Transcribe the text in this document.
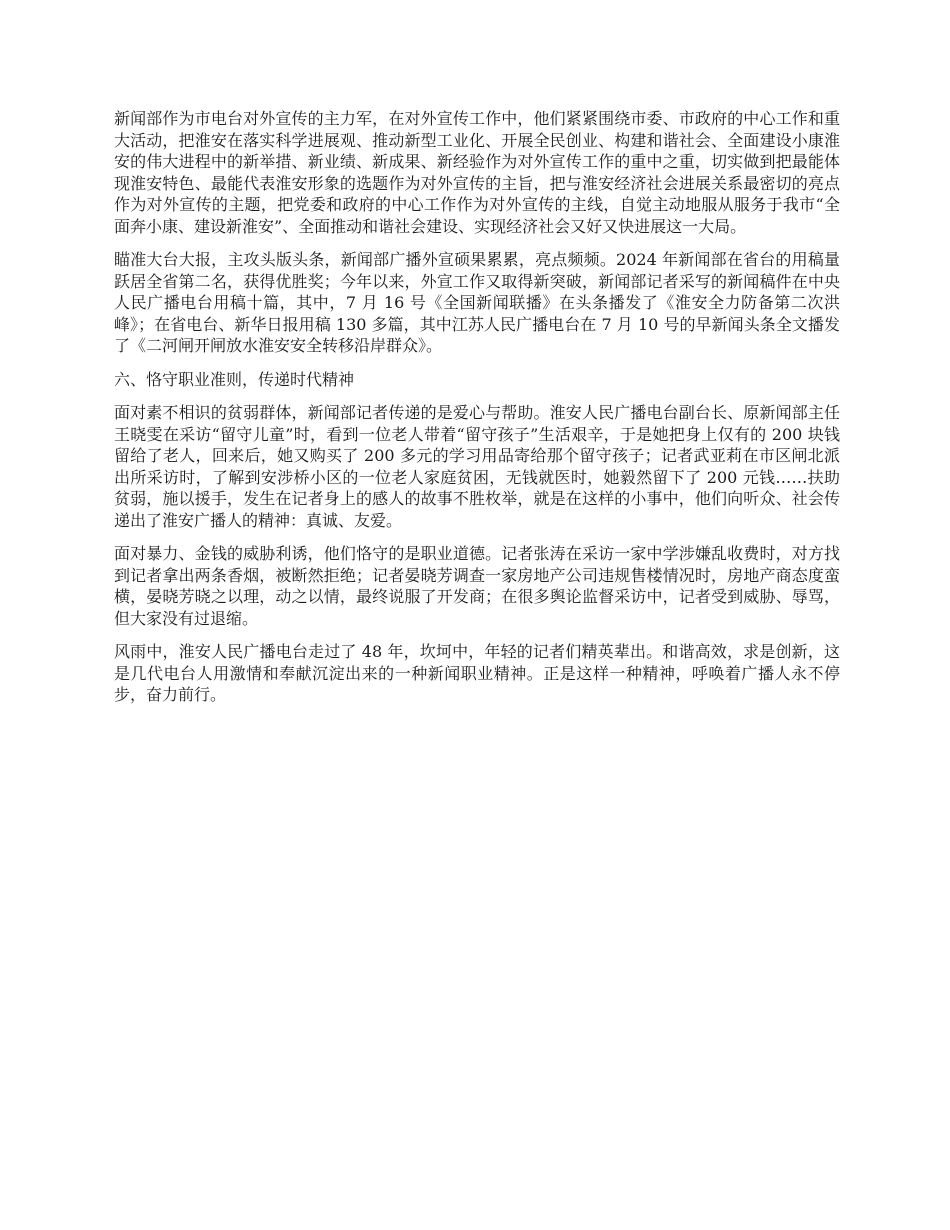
新闻部作为市电台对外宣传的主力军，在对外宣传工作中，他们紧紧围绕市委、市政府的中心工作和重大活动，把淮安在落实科学进展观、推动新型工业化、开展全民创业、构建和谐社会、全面建设小康淮安的伟大进程中的新举措、新业绩、新成果、新经验作为对外宣传工作的重中之重，切实做到把最能体现淮安特色、最能代表淮安形象的选题作为对外宣传的主旨，把与淮安经济社会进展关系最密切的亮点作为对外宣传的主题，把党委和政府的中心工作作为对外宣传的主线，自觉主动地服从服务于我市“全面奔小康、建设新淮安”、全面推动和谐社会建设、实现经济社会又好又快进展这一大局。

瞄准大台大报，主攻头版头条，新闻部广播外宣硕果累累，亮点频频。2024 年新闻部在省台的用稿量跃居全省第二名，获得优胜奖；今年以来，外宣工作又取得新突破，新闻部记者采写的新闻稿件在中央人民广播电台用稿十篇，其中，7 月 16 号《全国新闻联播》在头条播发了《淮安全力防备第二次洪峰》；在省电台、新华日报用稿 130 多篇，其中江苏人民广播电台在 7 月 10 号的早新闻头条全文播发了《二河闸开闸放水淮安安全转移沿岸群众》。

六、恪守职业准则，传递时代精神

面对素不相识的贫弱群体，新闻部记者传递的是爱心与帮助。淮安人民广播电台副台长、原新闻部主任王晓雯在采访“留守儿童”时，看到一位老人带着“留守孩子”生活艰辛，于是她把身上仅有的 200 块钱留给了老人，回来后，她又购买了 200 多元的学习用品寄给那个留守孩子；记者武亚莉在市区闸北派出所采访时，了解到安涉桥小区的一位老人家庭贫困，无钱就医时，她毅然留下了 200 元钱……扶助贫弱，施以援手，发生在记者身上的感人的故事不胜枚举，就是在这样的小事中，他们向听众、社会传递出了淮安广播人的精神：真诚、友爱。

面对暴力、金钱的威胁利诱，他们恪守的是职业道德。记者张涛在采访一家中学涉嫌乱收费时，对方找到记者拿出两条香烟，被断然拒绝；记者晏晓芳调查一家房地产公司违规售楼情况时，房地产商态度蛮横，晏晓芳晓之以理，动之以情，最终说服了开发商；在很多舆论监督采访中，记者受到威胁、辱骂，但大家没有过退缩。

风雨中，淮安人民广播电台走过了 48 年，坎坷中，年轻的记者们精英辈出。和谐高效，求是创新，这是几代电台人用激情和奉献沉淀出来的一种新闻职业精神。正是这样一种精神，呼唤着广播人永不停步，奋力前行。
